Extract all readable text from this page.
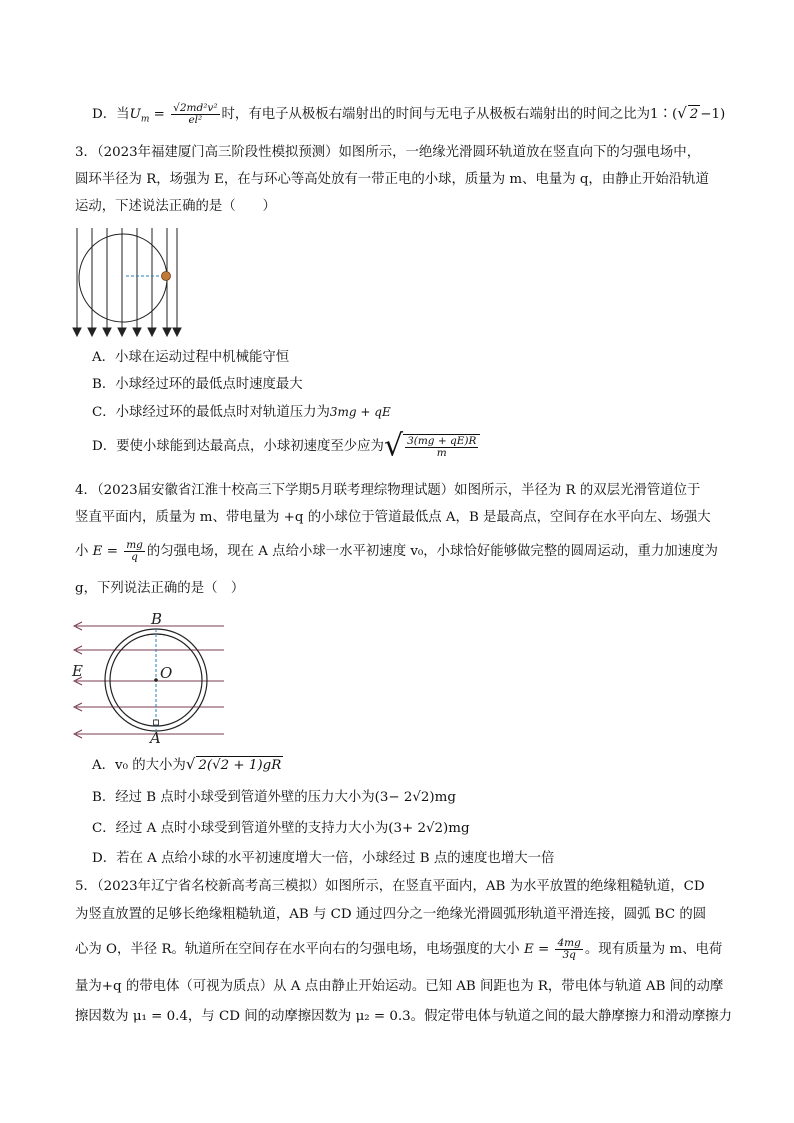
D．当$U_m = \frac{\text{√2md²v²}}{\text{el²}}$ 时，有电子从极板右端射出的时间与无电子从极板右端射出的时间之比为1∶(√ 2 −1)
3．（2023年福建厦门高三阶段性模拟预测）如图所示，一绝缘光滑圆环轨道放在竖直向下的匀强电场中，
圆环半径为 R，场强为 E，在与环心等高处放有一带正电的小球，质量为 m、电量为 q，由静止开始沿轨道
运动，下述说法正确的是（　　）
A．小球在运动过程中机械能守恒
B．小球经过环的最低点时速度最大
C．小球经过环的最低点时对轨道压力为3mg + qE
D．要使小球能到达最高点，小球初速度至少应为√ $\frac{3(mg + qE)R}{m}$
4．（2023届安徽省江淮十校高三下学期5月联考理综物理试题）如图所示，半径为 R 的双层光滑管道位于
竖直平面内，质量为 m、带电量为 +q 的小球位于管道最低点 A，B 是最高点，空间存在水平向左、场强大
小 $E = \frac{mg}{q}$ 的匀强电场，现在 A 点给小球一水平初速度 v₀，小球恰好能够做完整的圆周运动，重力加速度为
g，下列说法正确的是（　）
B
O
E
A
A．v₀ 的大小为√ 2(√2 + 1)gR
B．经过 B 点时小球受到管道外壁的压力大小为(3− 2√2)mg
C．经过 A 点时小球受到管道外壁的支持力大小为(3+ 2√2)mg
D．若在 A 点给小球的水平初速度增大一倍，小球经过 B 点的速度也增大一倍
5．（2023年辽宁省名校新高考高三模拟）如图所示，在竖直平面内，AB 为水平放置的绝缘粗糙轨道，CD
为竖直放置的足够长绝缘粗糙轨道，AB 与 CD 通过四分之一绝缘光滑圆弧形轨道平滑连接，圆弧 BC 的圆
心为 O，半径 R。轨道所在空间存在水平向右的匀强电场，电场强度的大小 $E = \frac{4mg}{3q}$ 。现有质量为 m、电荷
量为+q 的带电体（可视为质点）从 A 点由静止开始运动。已知 AB 间距也为 R，带电体与轨道 AB 间的动摩
擦因数为 μ₁ = 0.4，与 CD 间的动摩擦因数为 μ₂ = 0.3。假定带电体与轨道之间的最大静摩擦力和滑动摩擦力
